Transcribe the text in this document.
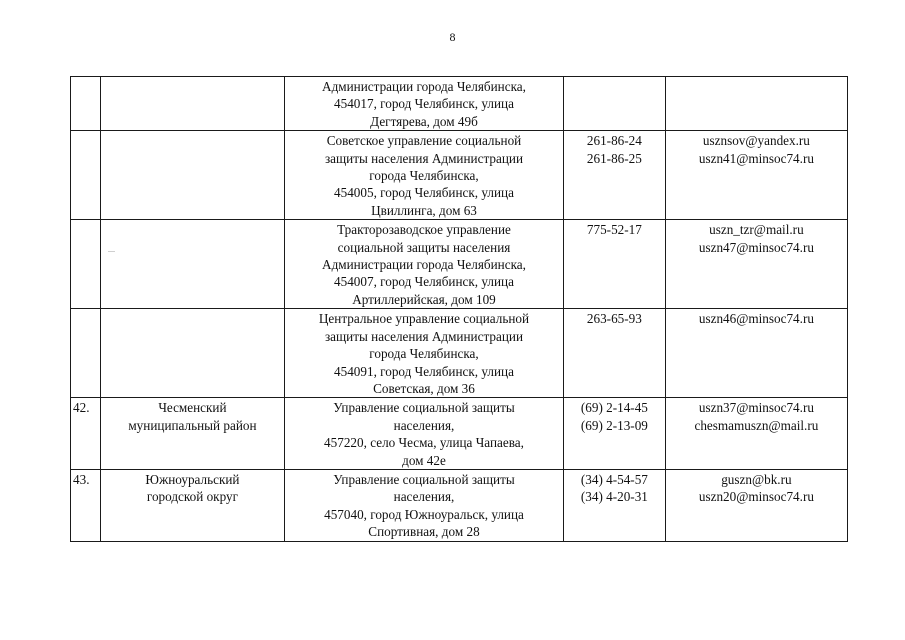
8

		Администрации города Челябинска,
454017, город Челябинск, улица
Дегтярева, дом 49б		

		Советское управление социальной
защиты населения Администрации
города Челябинска,
454005, город Челябинск, улица
Цвиллинга, дом 63	261-86-24
261-86-25	usznsov@yandex.ru
uszn41@minsoc74.ru

		Тракторозаводское управление
социальной защиты населения
Администрации города Челябинска,
454007, город Челябинск, улица
Артиллерийская, дом 109	775-52-17	uszn_tzr@mail.ru
uszn47@minsoc74.ru

		Центральное управление социальной
защиты населения Администрации
города Челябинска,
454091, город Челябинск, улица
Советская, дом 36	263-65-93	uszn46@minsoc74.ru

42.	Чесменский
муниципальный район	Управление социальной защиты
населения,
457220, село Чесма, улица Чапаева,
дом 42е	(69) 2-14-45
(69) 2-13-09	uszn37@minsoc74.ru
chesmamuszn@mail.ru

43.	Южноуральский
городской округ	Управление социальной защиты
населения,
457040, город Южноуральск, улица
Спортивная, дом 28	(34) 4-54-57
(34) 4-20-31	guszn@bk.ru
uszn20@minsoc74.ru
